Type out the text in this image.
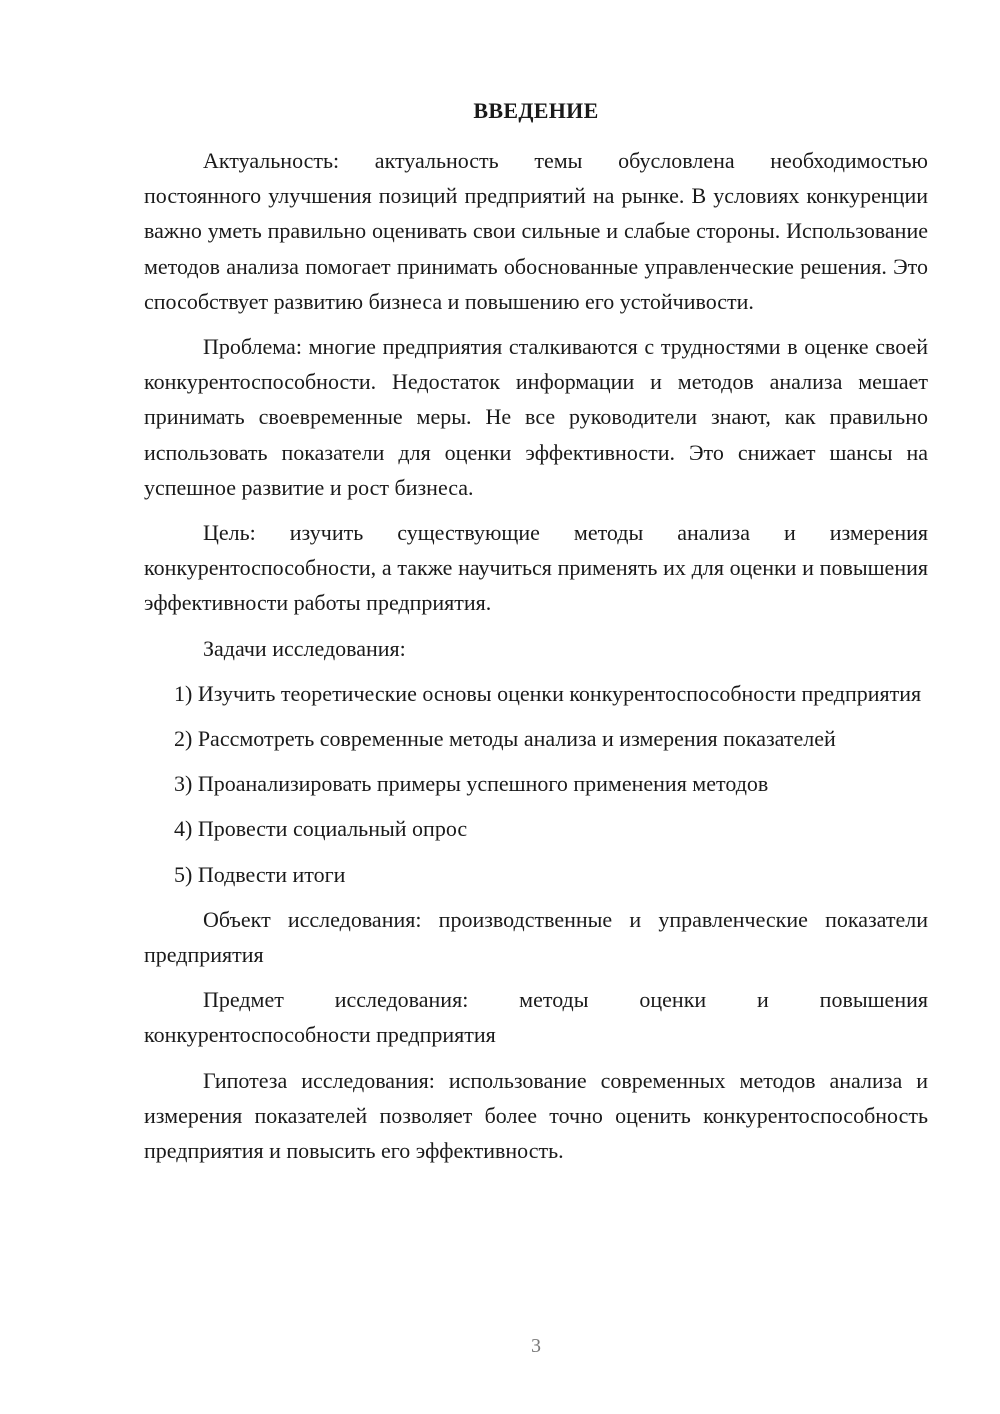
ВВЕДЕНИЕ

Актуальность: актуальность темы обусловлена необходимостью постоянного улучшения позиций предприятий на рынке. В условиях конкуренции важно уметь правильно оценивать свои сильные и слабые стороны. Использование методов анализа помогает принимать обоснованные управленческие решения. Это способствует развитию бизнеса и повышению его устойчивости.

Проблема: многие предприятия сталкиваются с трудностями в оценке своей конкурентоспособности. Недостаток информации и методов анализа мешает принимать своевременные меры. Не все руководители знают, как правильно использовать показатели для оценки эффективности. Это снижает шансы на успешное развитие и рост бизнеса.

Цель: изучить существующие методы анализа и измерения конкурентоспособности, а также научиться применять их для оценки и повышения эффективности работы предприятия.

Задачи исследования:

1) Изучить теоретические основы оценки конкурентоспособности предприятия

2) Рассмотреть современные методы анализа и измерения показателей

3) Проанализировать примеры успешного применения методов

4) Провести социальный опрос

5) Подвести итоги

Объект исследования: производственные и управленческие показатели предприятия

Предмет исследования: методы оценки и повышения конкурентоспособности предприятия

Гипотеза исследования: использование современных методов анализа и измерения показателей позволяет более точно оценить конкурентоспособность предприятия и повысить его эффективность.

3
